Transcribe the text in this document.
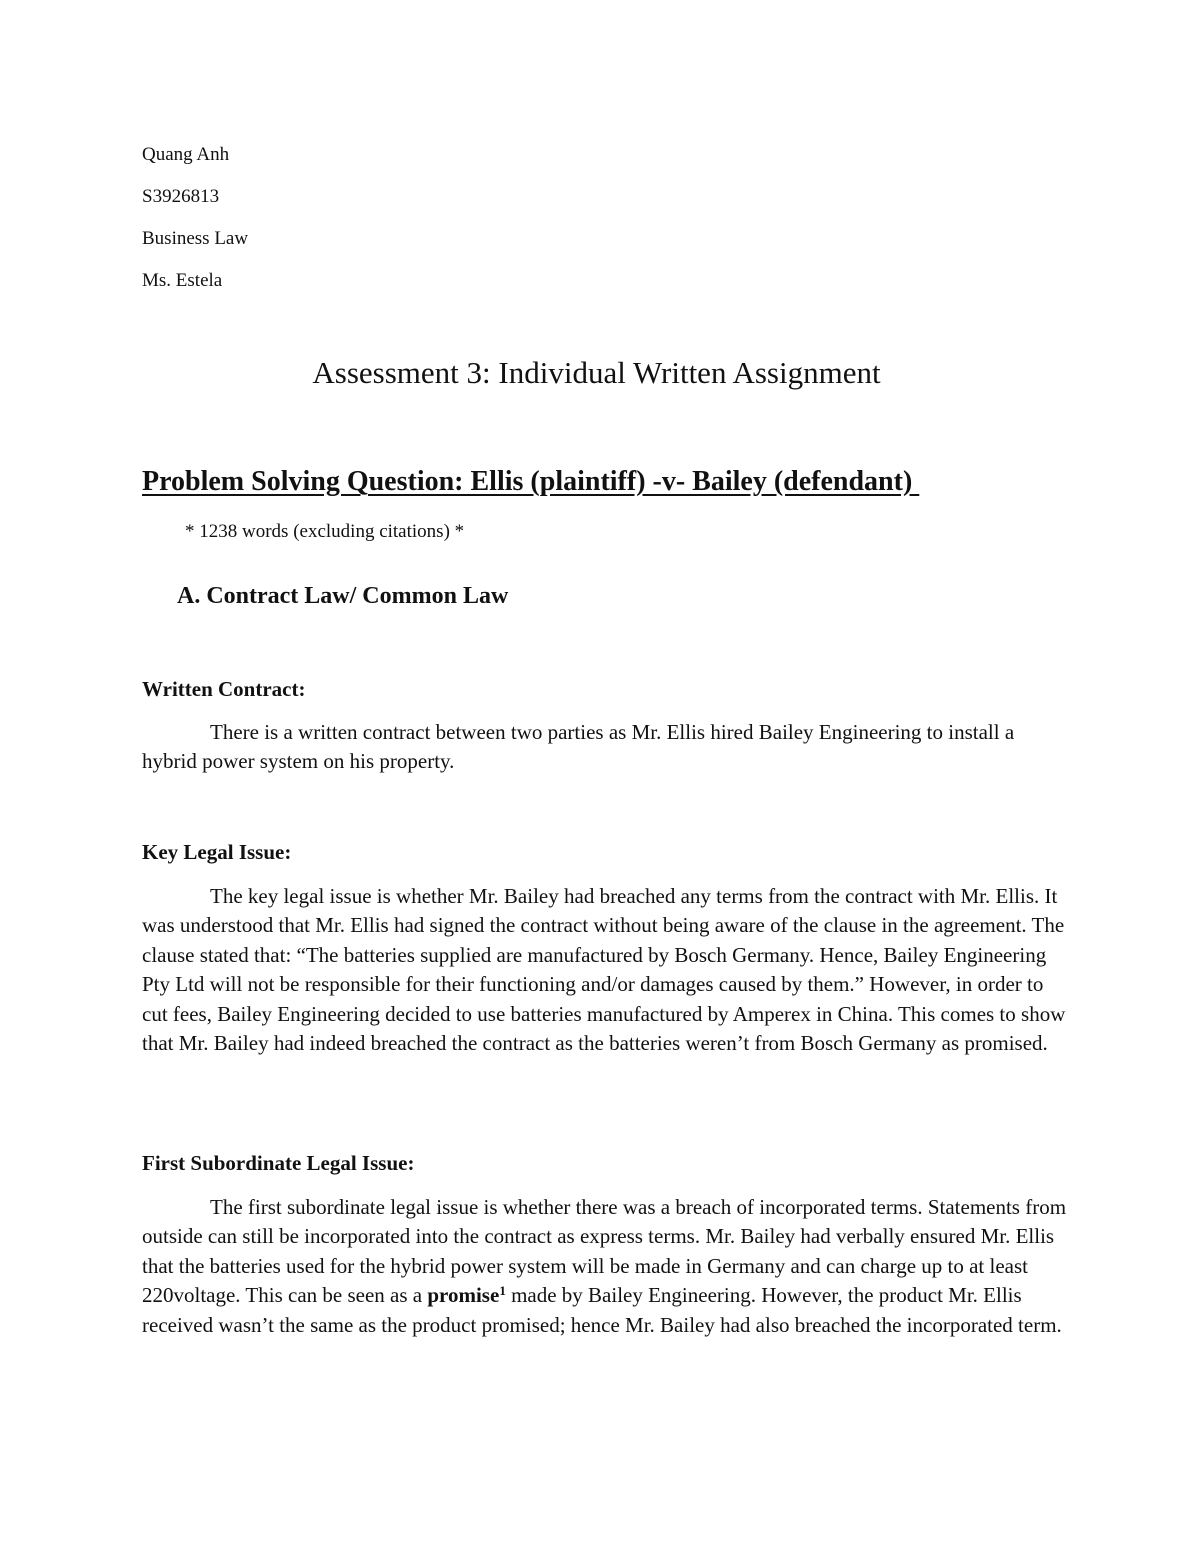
Quang Anh
S3926813
Business Law
Ms. Estela
Assessment 3: Individual Written Assignment
Problem Solving Question: Ellis (plaintiff) -v- Bailey (defendant)
* 1238 words (excluding citations) *
A. Contract Law/ Common Law
Written Contract:

There is a written contract between two parties as Mr. Ellis hired Bailey Engineering to install a hybrid power system on his property.

Key Legal Issue:

The key legal issue is whether Mr. Bailey had breached any terms from the contract with Mr. Ellis. It was understood that Mr. Ellis had signed the contract without being aware of the clause in the agreement. The clause stated that: “The batteries supplied are manufactured by Bosch Germany. Hence, Bailey Engineering Pty Ltd will not be responsible for their functioning and/or damages caused by them.” However, in order to cut fees, Bailey Engineering decided to use batteries manufactured by Amperex in China. This comes to show that Mr. Bailey had indeed breached the contract as the batteries weren’t from Bosch Germany as promised.

First Subordinate Legal Issue:

The first subordinate legal issue is whether there was a breach of incorporated terms. Statements from outside can still be incorporated into the contract as express terms. Mr. Bailey had verbally ensured Mr. Ellis that the batteries used for the hybrid power system will be made in Germany and can charge up to at least 220voltage. This can be seen as a promise$^1$ made by Bailey Engineering. However, the product Mr. Ellis received wasn’t the same as the product promised; hence Mr. Bailey had also breached the incorporated term.
